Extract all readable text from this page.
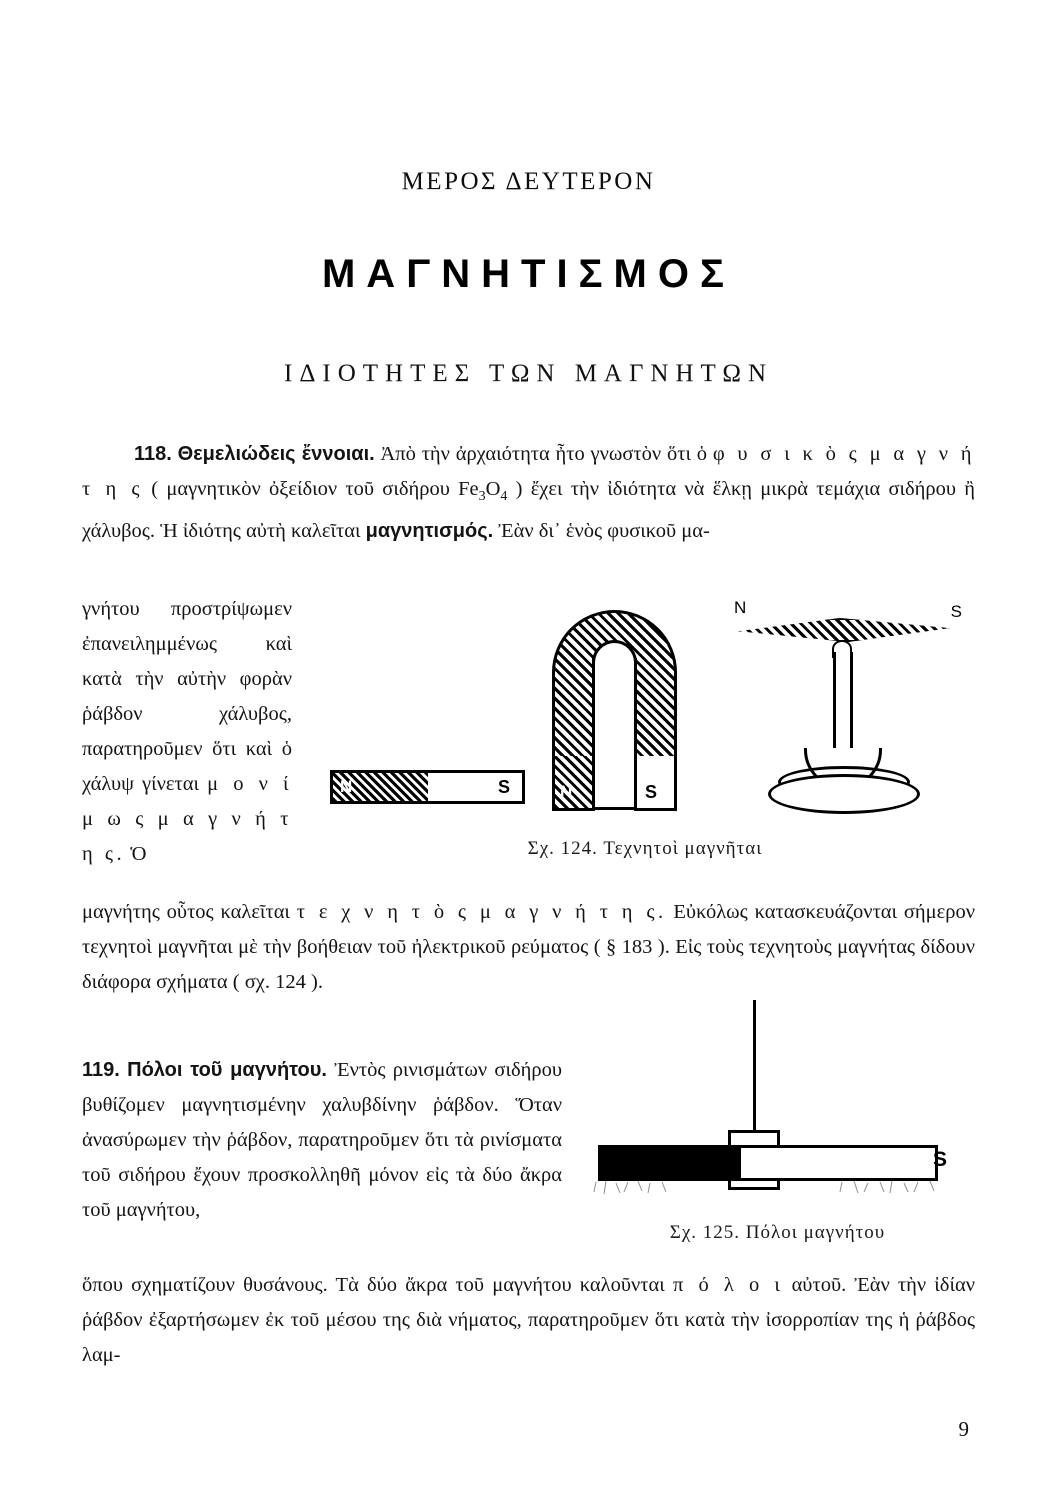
ΜΕΡΟΣ ΔΕΥΤΕΡΟΝ
ΜΑΓΝΗΤΙΣΜΟΣ
ΙΔΙΟΤΗΤΕΣ ΤΩΝ ΜΑΓΝΗΤΩΝ
118. Θεμελιώδεις ἔννοιαι. Ἀπὸ τὴν ἀρχαιότητα ἦτο γνωστὸν ὅτι ὁ φ υ σ ι κ ὸ ς μ α γ ν ή τ η ς ( μαγνητικὸν ὀξείδιον τοῦ σιδήρου $Fe_3O_4$ ) ἔχει τὴν ἰδιότητα νὰ ἕλκῃ μικρὰ τεμάχια σιδήρου ἢ χάλυβος. Ἡ ἰδιότης αὐτὴ καλεῖται μαγνητισμός. Ἐὰν δι᾽ ἑνὸς φυσικοῦ μα-
γνήτου προστρίψωμεν ἐπανειλημμένως καὶ κατὰ τὴν αὐτὴν φορὰν ῥάβδον χάλυβος, παρατηροῦμεν ὅτι καὶ ὁ χάλυψ γίνεται μ ο ν ί μ ω ς μ α γ ν ή τ η ς. Ὁ
N	S	N	S
N	S
Σχ. 124. Τεχνητοὶ μαγνῆται
μαγνήτης οὗτος καλεῖται τ ε χ ν η τ ὸ ς μ α γ ν ή τ η ς. Εὐκόλως κατασκευάζονται σήμερον τεχνητοὶ μαγνῆται μὲ τὴν βοήθειαν τοῦ ἠλεκτρικοῦ ρεύματος ( § 183 ). Εἰς τοὺς τεχνητοὺς μαγνήτας δίδουν διάφορα σχήματα ( σχ. 124 ).
119. Πόλοι τοῦ μαγνήτου. Ἐντὸς ρινισμάτων σιδήρου βυθίζομεν μαγνητισμένην χαλυβδίνην ῥάβδον. Ὅταν ἀνασύρωμεν τὴν ῥάβδον, παρατηροῦμεν ὅτι τὰ ρινίσματα τοῦ σιδήρου ἔχουν προσκολληθῆ μόνον εἰς τὰ δύο ἄκρα τοῦ μαγνήτου,
S
Σχ. 125. Πόλοι μαγνήτου
ὅπου σχηματίζουν θυσάνους. Τὰ δύο ἄκρα τοῦ μαγνήτου καλοῦνται π ό λ ο ι αὐτοῦ. Ἐὰν τὴν ἰδίαν ῥάβδον ἐξαρτήσωμεν ἐκ τοῦ μέσου της διὰ νήματος, παρατηροῦμεν ὅτι κατὰ τὴν ἰσορροπίαν της ἡ ῥάβδος λαμ-
9
